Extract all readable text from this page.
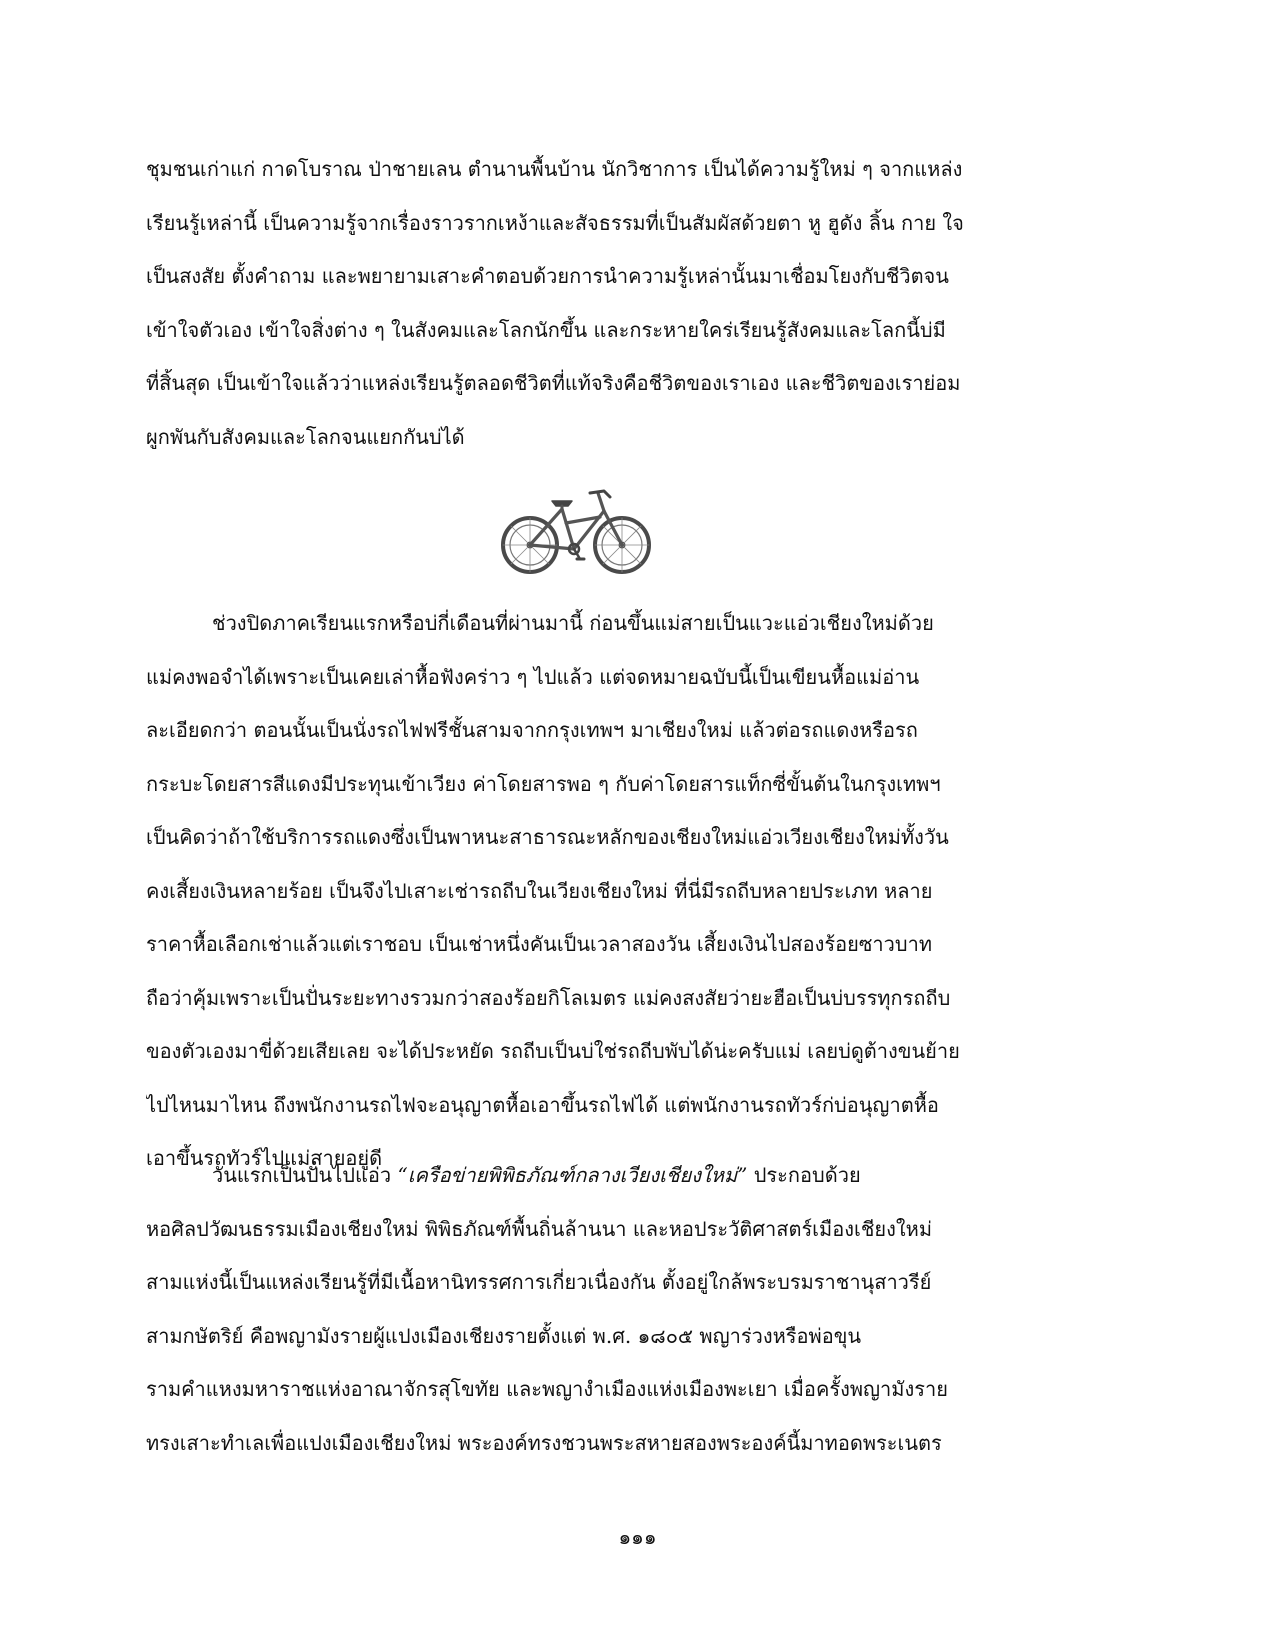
ชุมชนเก่าแก่ กาดโบราณ ป่าชายเลน ตำนานพื้นบ้าน นักวิชาการ เป็นได้ความรู้ใหม่ ๆ จากแหล่ง
เรียนรู้เหล่านี้ เป็นความรู้จากเรื่องราวรากเหง้าและสัจธรรมที่เป็นสัมผัสด้วยตา หู ฮูดัง ลิ้น กาย ใจ
เป็นสงสัย ตั้งคำถาม และพยายามเสาะคำตอบด้วยการนำความรู้เหล่านั้นมาเชื่อมโยงกับชีวิตจน
เข้าใจตัวเอง เข้าใจสิ่งต่าง ๆ ในสังคมและโลกนักขึ้น และกระหายใคร่เรียนรู้สังคมและโลกนี้บ่มี
ที่สิ้นสุด เป็นเข้าใจแล้วว่าแหล่งเรียนรู้ตลอดชีวิตที่แท้จริงคือชีวิตของเราเอง และชีวิตของเราย่อม
ผูกพันกับสังคมและโลกจนแยกกันบ่ได้

ช่วงปิดภาคเรียนแรกหรือบ่กี่เดือนที่ผ่านมานี้ ก่อนขึ้นแม่สายเป็นแวะแอ่วเชียงใหม่ด้วย
แม่คงพอจำได้เพราะเป็นเคยเล่าหื้อฟังคร่าว ๆ ไปแล้ว แต่จดหมายฉบับนี้เป็นเขียนหื้อแม่อ่าน
ละเอียดกว่า ตอนนั้นเป็นนั่งรถไฟฟรีชั้นสามจากกรุงเทพฯ มาเชียงใหม่ แล้วต่อรถแดงหรือรถ
กระบะโดยสารสีแดงมีประทุนเข้าเวียง ค่าโดยสารพอ ๆ กับค่าโดยสารแท็กซี่ขั้นต้นในกรุงเทพฯ
เป็นคิดว่าถ้าใช้บริการรถแดงซึ่งเป็นพาหนะสาธารณะหลักของเชียงใหม่แอ่วเวียงเชียงใหม่ทั้งวัน
คงเสี้ยงเงินหลายร้อย เป็นจึงไปเสาะเช่ารถถีบในเวียงเชียงใหม่ ที่นี่มีรถถีบหลายประเภท หลาย
ราคาหื้อเลือกเช่าแล้วแต่เราชอบ เป็นเช่าหนึ่งคันเป็นเวลาสองวัน เสี้ยงเงินไปสองร้อยซาวบาท
ถือว่าคุ้มเพราะเป็นปั่นระยะทางรวมกว่าสองร้อยกิโลเมตร แม่คงสงสัยว่ายะฮือเป็นบ่บรรทุกรถถีบ
ของตัวเองมาขี่ด้วยเสียเลย จะได้ประหยัด รถถีบเป็นบ่ใช่รถถีบพับได้น่ะครับแม่ เลยบ่ดูต้างขนย้าย
ไปไหนมาไหน ถึงพนักงานรถไฟจะอนุญาตหื้อเอาขึ้นรถไฟได้ แต่พนักงานรถทัวร์ก่บ่อนุญาตหื้อ
เอาขึ้นรถทัวร์ไปแม่สายอยู่ดี

วันแรกเป็นปั่นไปแอ่ว “เครือข่ายพิพิธภัณฑ์กลางเวียงเชียงใหม่” ประกอบด้วย
หอศิลปวัฒนธรรมเมืองเชียงใหม่ พิพิธภัณฑ์พื้นถิ่นล้านนา และหอประวัติศาสตร์เมืองเชียงใหม่
สามแห่งนี้เป็นแหล่งเรียนรู้ที่มีเนื้อหานิทรรศการเกี่ยวเนื่องกัน ตั้งอยู่ใกล้พระบรมราชานุสาวรีย์
สามกษัตริย์ คือพญามังรายผู้แปงเมืองเชียงรายตั้งแต่ พ.ศ. ๑๘๐๕ พญาร่วงหรือพ่อขุน
รามคำแหงมหาราชแห่งอาณาจักรสุโขทัย และพญางำเมืองแห่งเมืองพะเยา เมื่อครั้งพญามังราย
ทรงเสาะทำเลเพื่อแปงเมืองเชียงใหม่ พระองค์ทรงชวนพระสหายสองพระองค์นี้มาทอดพระเนตร

๑๑๑
